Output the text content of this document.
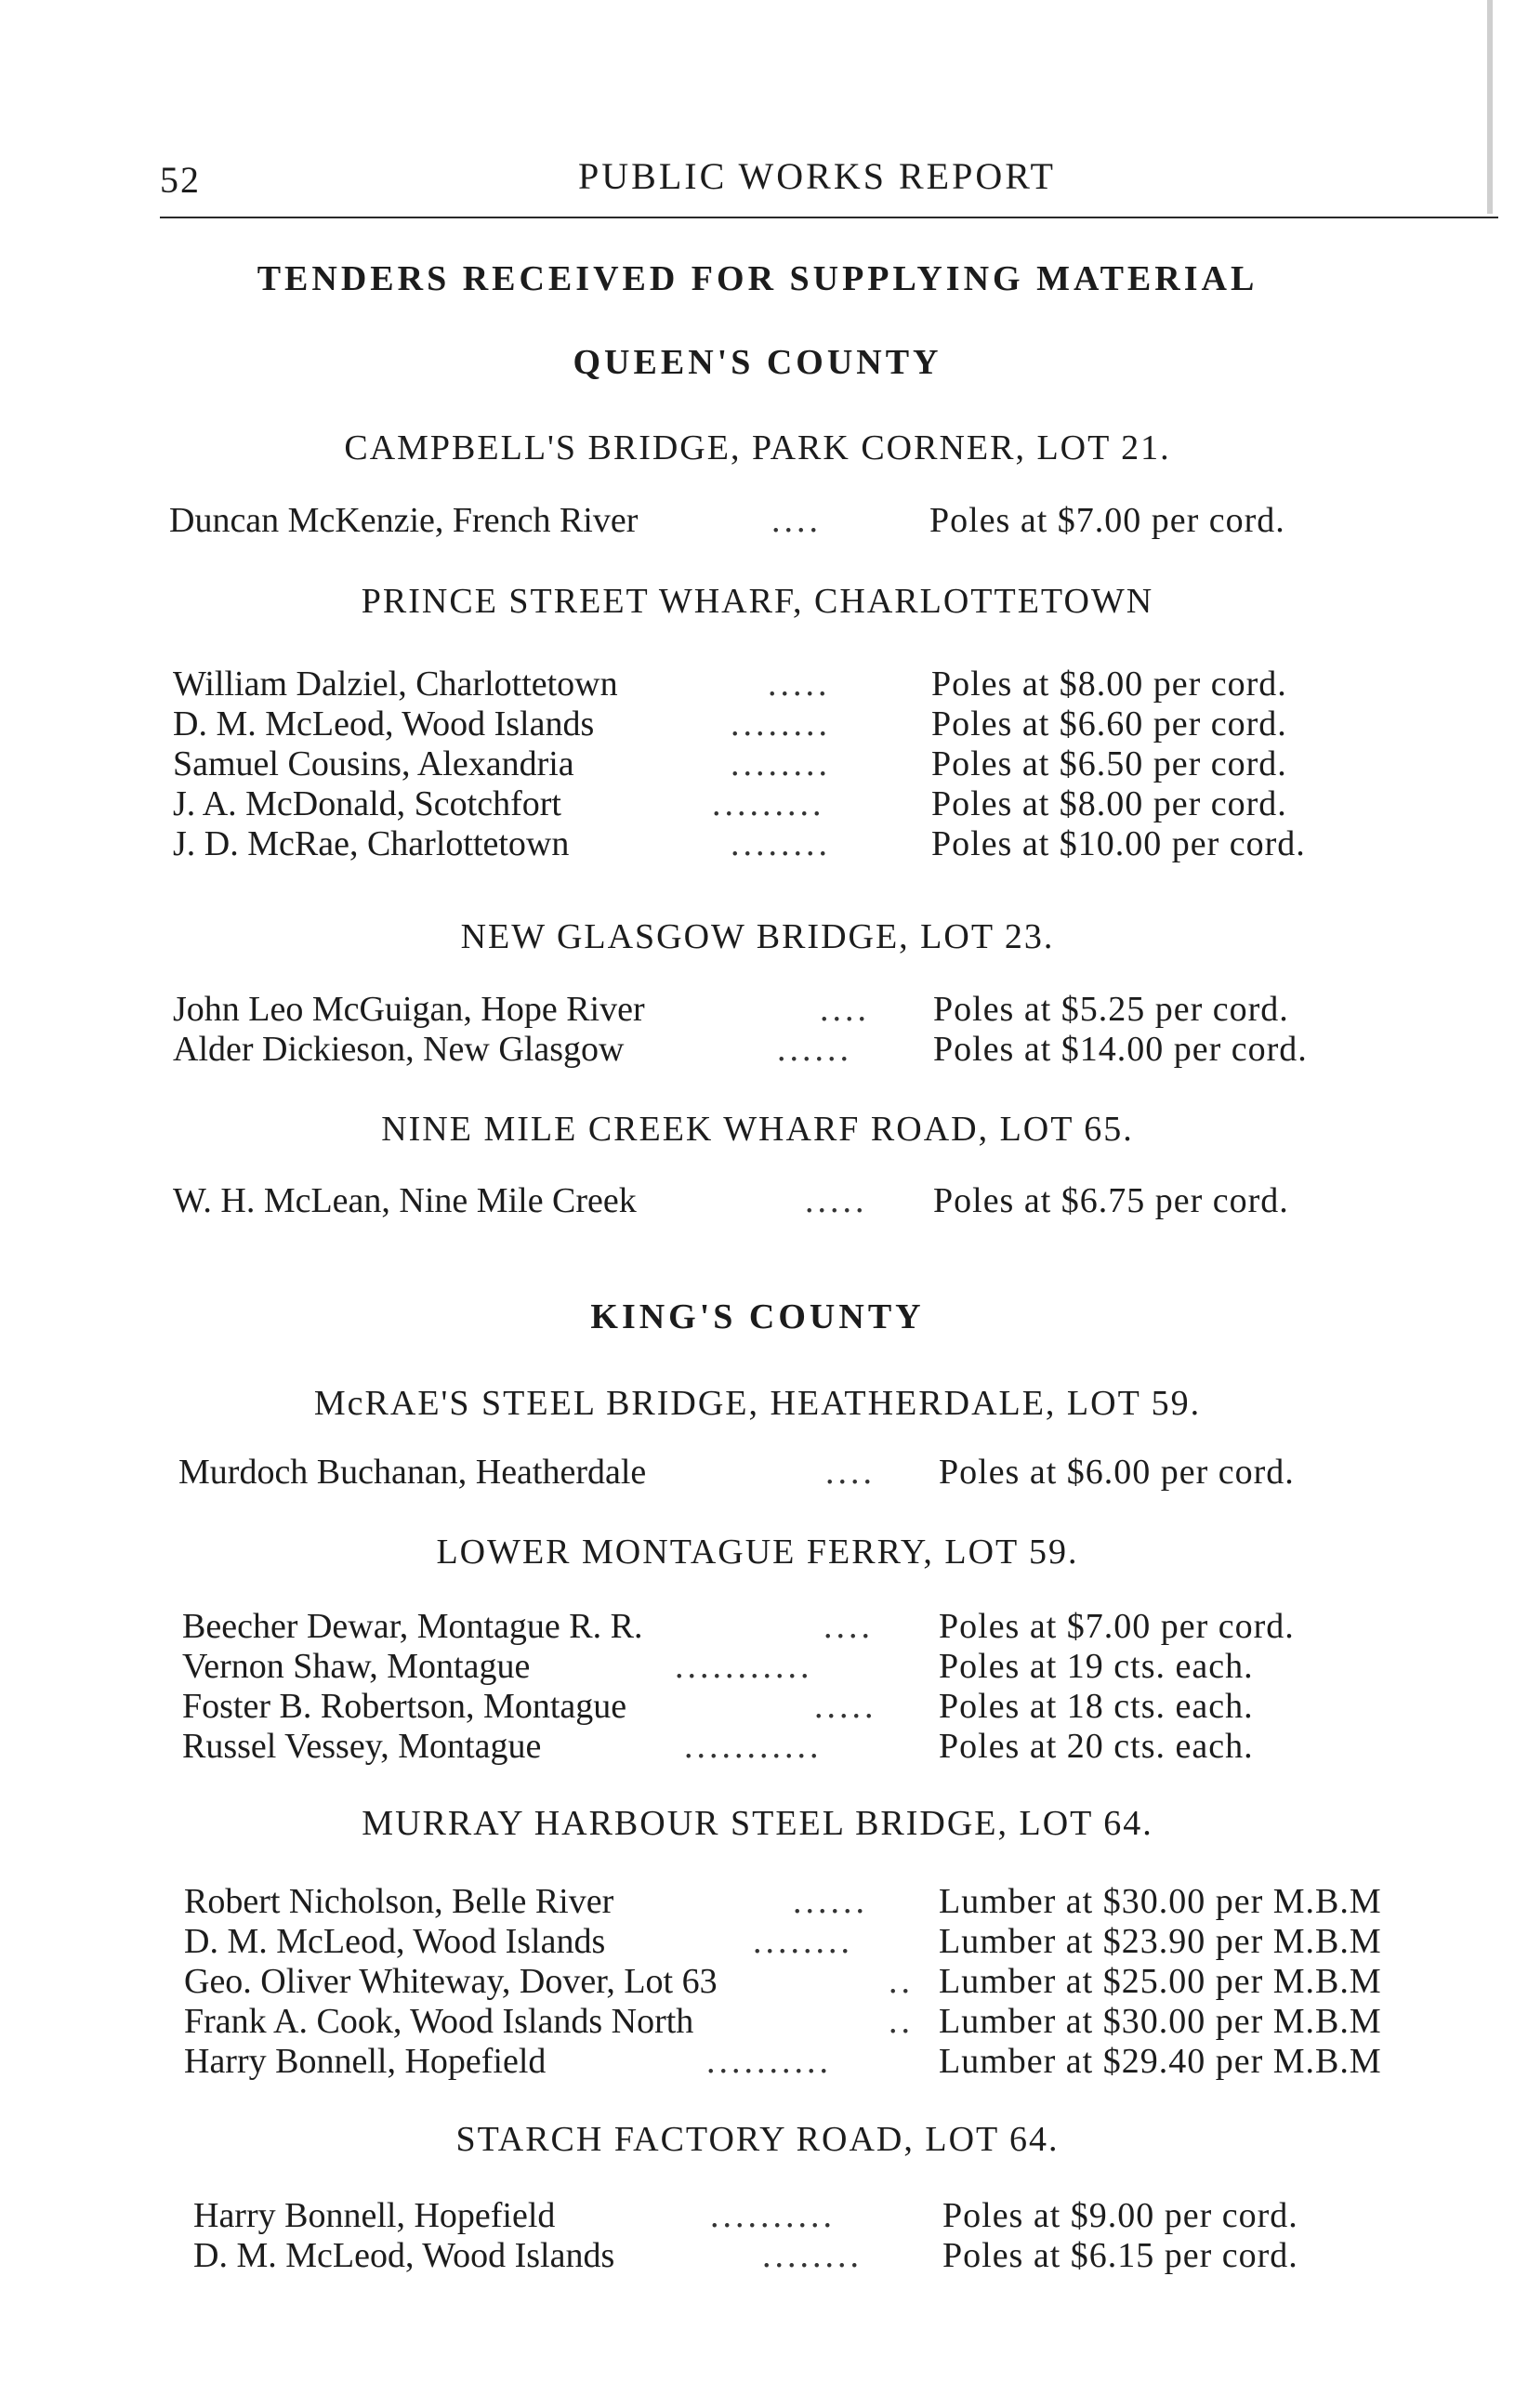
52	PUBLIC WORKS REPORT
TENDERS RECEIVED FOR SUPPLYING MATERIAL
QUEEN'S COUNTY
CAMPBELL'S BRIDGE, PARK CORNER, LOT 21.
Duncan McKenzie, French River	....	Poles at $7.00 per cord.
PRINCE STREET WHARF, CHARLOTTETOWN
William Dalziel, Charlottetown	.....	Poles at $8.00 per cord.
D. M. McLeod, Wood Islands	........	Poles at $6.60 per cord.
Samuel Cousins, Alexandria	........	Poles at $6.50 per cord.
J. A. McDonald, Scotchfort	.........	Poles at $8.00 per cord.
J. D. McRae, Charlottetown	........	Poles at $10.00 per cord.
NEW GLASGOW BRIDGE, LOT 23.
John Leo McGuigan, Hope River	.... Poles at $5.25 per cord.
Alder Dickieson, New Glasgow	...... Poles at $14.00 per cord.
NINE MILE CREEK WHARF ROAD, LOT 65.
W. H. McLean, Nine Mile Creek	..... Poles at $6.75 per cord.
KING'S COUNTY
McRAE'S STEEL BRIDGE, HEATHERDALE, LOT 59.
Murdoch Buchanan, Heatherdale	.... Poles at $6.00 per cord.
LOWER MONTAGUE FERRY, LOT 59.
Beecher Dewar, Montague R. R.	.... Poles at $7.00 per cord.
Vernon Shaw, Montague	...........	Poles at 19 cts. each.
Foster B. Robertson, Montague	..... Poles at 18 cts. each.
Russel Vessey, Montague	...........	Poles at 20 cts. each.
MURRAY HARBOUR STEEL BRIDGE, LOT 64.
Robert Nicholson, Belle River	...... Lumber at $30.00 per M.B.M
D. M. McLeod, Wood Islands	........ Lumber at $23.90 per M.B.M
Geo. Oliver Whiteway, Dover, Lot 63	.. Lumber at $25.00 per M.B.M
Frank A. Cook, Wood Islands North	.. Lumber at $30.00 per M.B.M
Harry Bonnell, Hopefield	..........	Lumber at $29.40 per M.B.M
STARCH FACTORY ROAD, LOT 64.
Harry Bonnell, Hopefield	..........	Poles at $9.00 per cord.
D. M. McLeod, Wood Islands	........ Poles at $6.15 per cord.
